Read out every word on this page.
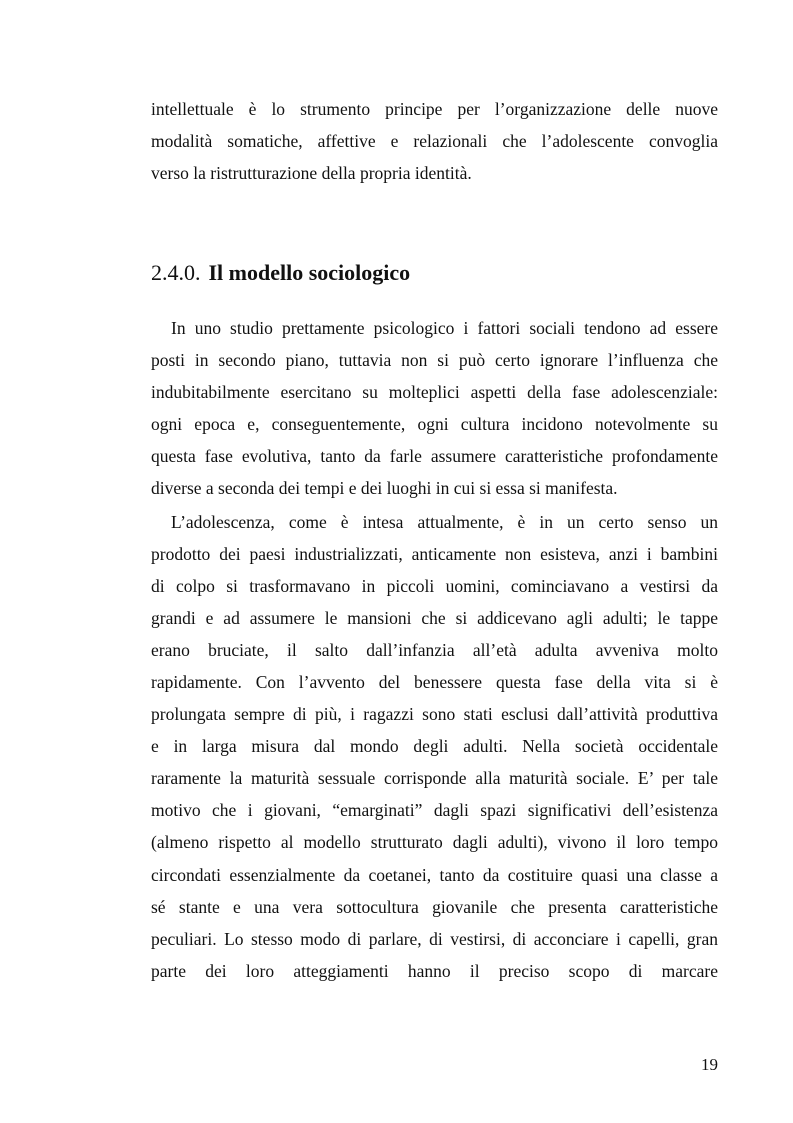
intellettuale è lo strumento principe per l’organizzazione delle nuove
modalità somatiche, affettive e relazionali che l’adolescente convoglia
verso la ristrutturazione della propria identità.
2.4.0. Il modello sociologico
In uno studio prettamente psicologico i fattori sociali tendono ad essere
posti in secondo piano, tuttavia non si può certo ignorare l’influenza che
indubitabilmente esercitano su molteplici aspetti della fase adolescenziale:
ogni epoca e, conseguentemente, ogni cultura incidono notevolmente su
questa fase evolutiva, tanto da farle assumere caratteristiche profondamente
diverse a seconda dei tempi e dei luoghi in cui si essa si manifesta.
L’adolescenza, come è intesa attualmente, è in un certo senso un
prodotto dei paesi industrializzati, anticamente non esisteva, anzi i bambini
di colpo si trasformavano in piccoli uomini, cominciavano a vestirsi da
grandi e ad assumere le mansioni che si addicevano agli adulti; le tappe
erano bruciate, il salto dall’infanzia all’età adulta avveniva molto
rapidamente. Con l’avvento del benessere questa fase della vita si è
prolungata sempre di più, i ragazzi sono stati esclusi dall’attività produttiva
e in larga misura dal mondo degli adulti. Nella società occidentale
raramente la maturità sessuale corrisponde alla maturità sociale. E’ per tale
motivo che i giovani, “emarginati” dagli spazi significativi dell’esistenza
(almeno rispetto al modello strutturato dagli adulti), vivono il loro tempo
circondati essenzialmente da coetanei, tanto da costituire quasi una classe a
sé stante e una vera sottocultura giovanile che presenta caratteristiche
peculiari. Lo stesso modo di parlare, di vestirsi, di acconciare i capelli, gran
parte dei loro atteggiamenti hanno il preciso scopo di marcare
19
